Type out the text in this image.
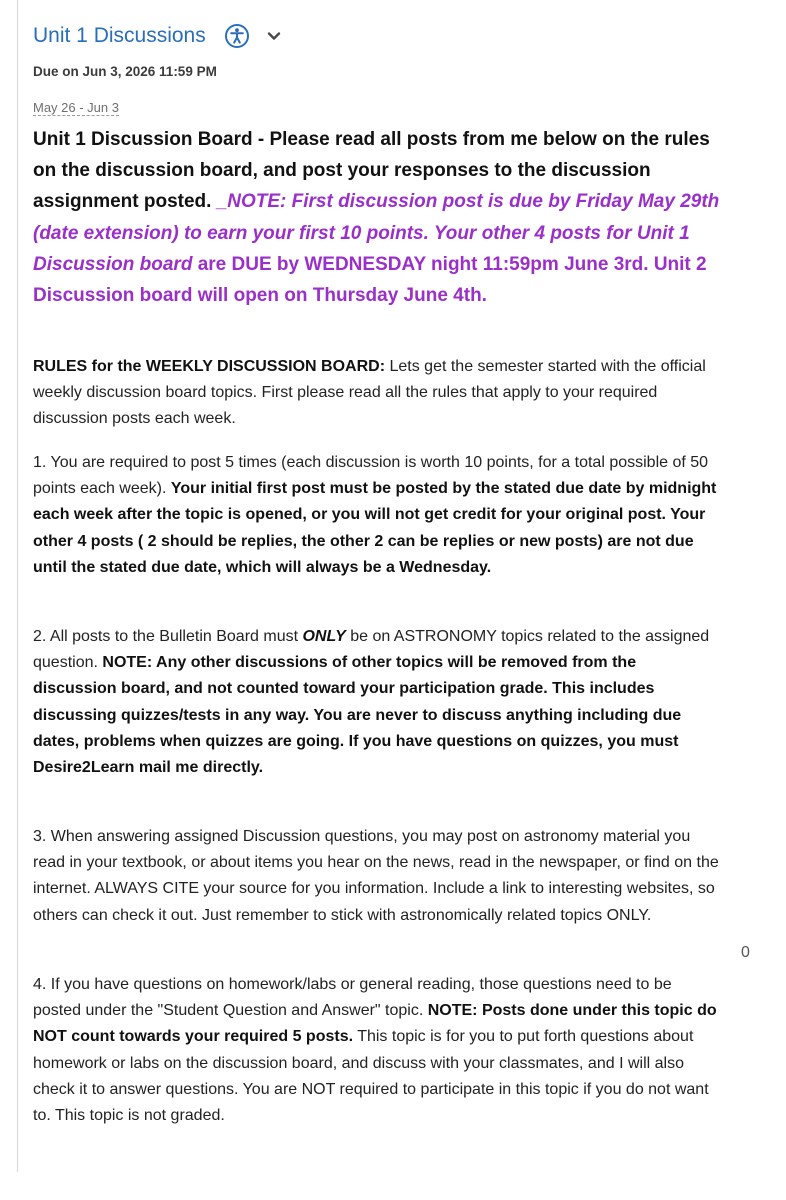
Unit 1 Discussions
Due on Jun 3, 2026 11:59 PM
May 26 - Jun 3
Unit 1 Discussion Board - Please read all posts from me below on the rules on the discussion board, and post your responses to the discussion assignment posted. _NOTE: First discussion post is due by Friday May 29th (date extension) to earn your first 10 points. Your other 4 posts for Unit 1 Discussion board are DUE by WEDNESDAY night 11:59pm June 3rd. Unit 2 Discussion board will open on Thursday June 4th.
RULES for the WEEKLY DISCUSSION BOARD: Lets get the semester started with the official weekly discussion board topics. First please read all the rules that apply to your required discussion posts each week.
1. You are required to post 5 times (each discussion is worth 10 points, for a total possible of 50 points each week). Your initial first post must be posted by the stated due date by midnight each week after the topic is opened, or you will not get credit for your original post. Your other 4 posts ( 2 should be replies, the other 2 can be replies or new posts) are not due until the stated due date, which will always be a Wednesday.
2. All posts to the Bulletin Board must ONLY be on ASTRONOMY topics related to the assigned question. NOTE: Any other discussions of other topics will be removed from the discussion board, and not counted toward your participation grade. This includes discussing quizzes/tests in any way. You are never to discuss anything including due dates, problems when quizzes are going. If you have questions on quizzes, you must Desire2Learn mail me directly.
3. When answering assigned Discussion questions, you may post on astronomy material you read in your textbook, or about items you hear on the news, read in the newspaper, or find on the internet. ALWAYS CITE your source for you information. Include a link to interesting websites, so others can check it out. Just remember to stick with astronomically related topics ONLY.
4. If you have questions on homework/labs or general reading, those questions need to be posted under the "Student Question and Answer" topic. NOTE: Posts done under this topic do NOT count towards your required 5 posts. This topic is for you to put forth questions about homework or labs on the discussion board, and discuss with your classmates, and I will also check it to answer questions. You are NOT required to participate in this topic if you do not want to. This topic is not graded.
0
